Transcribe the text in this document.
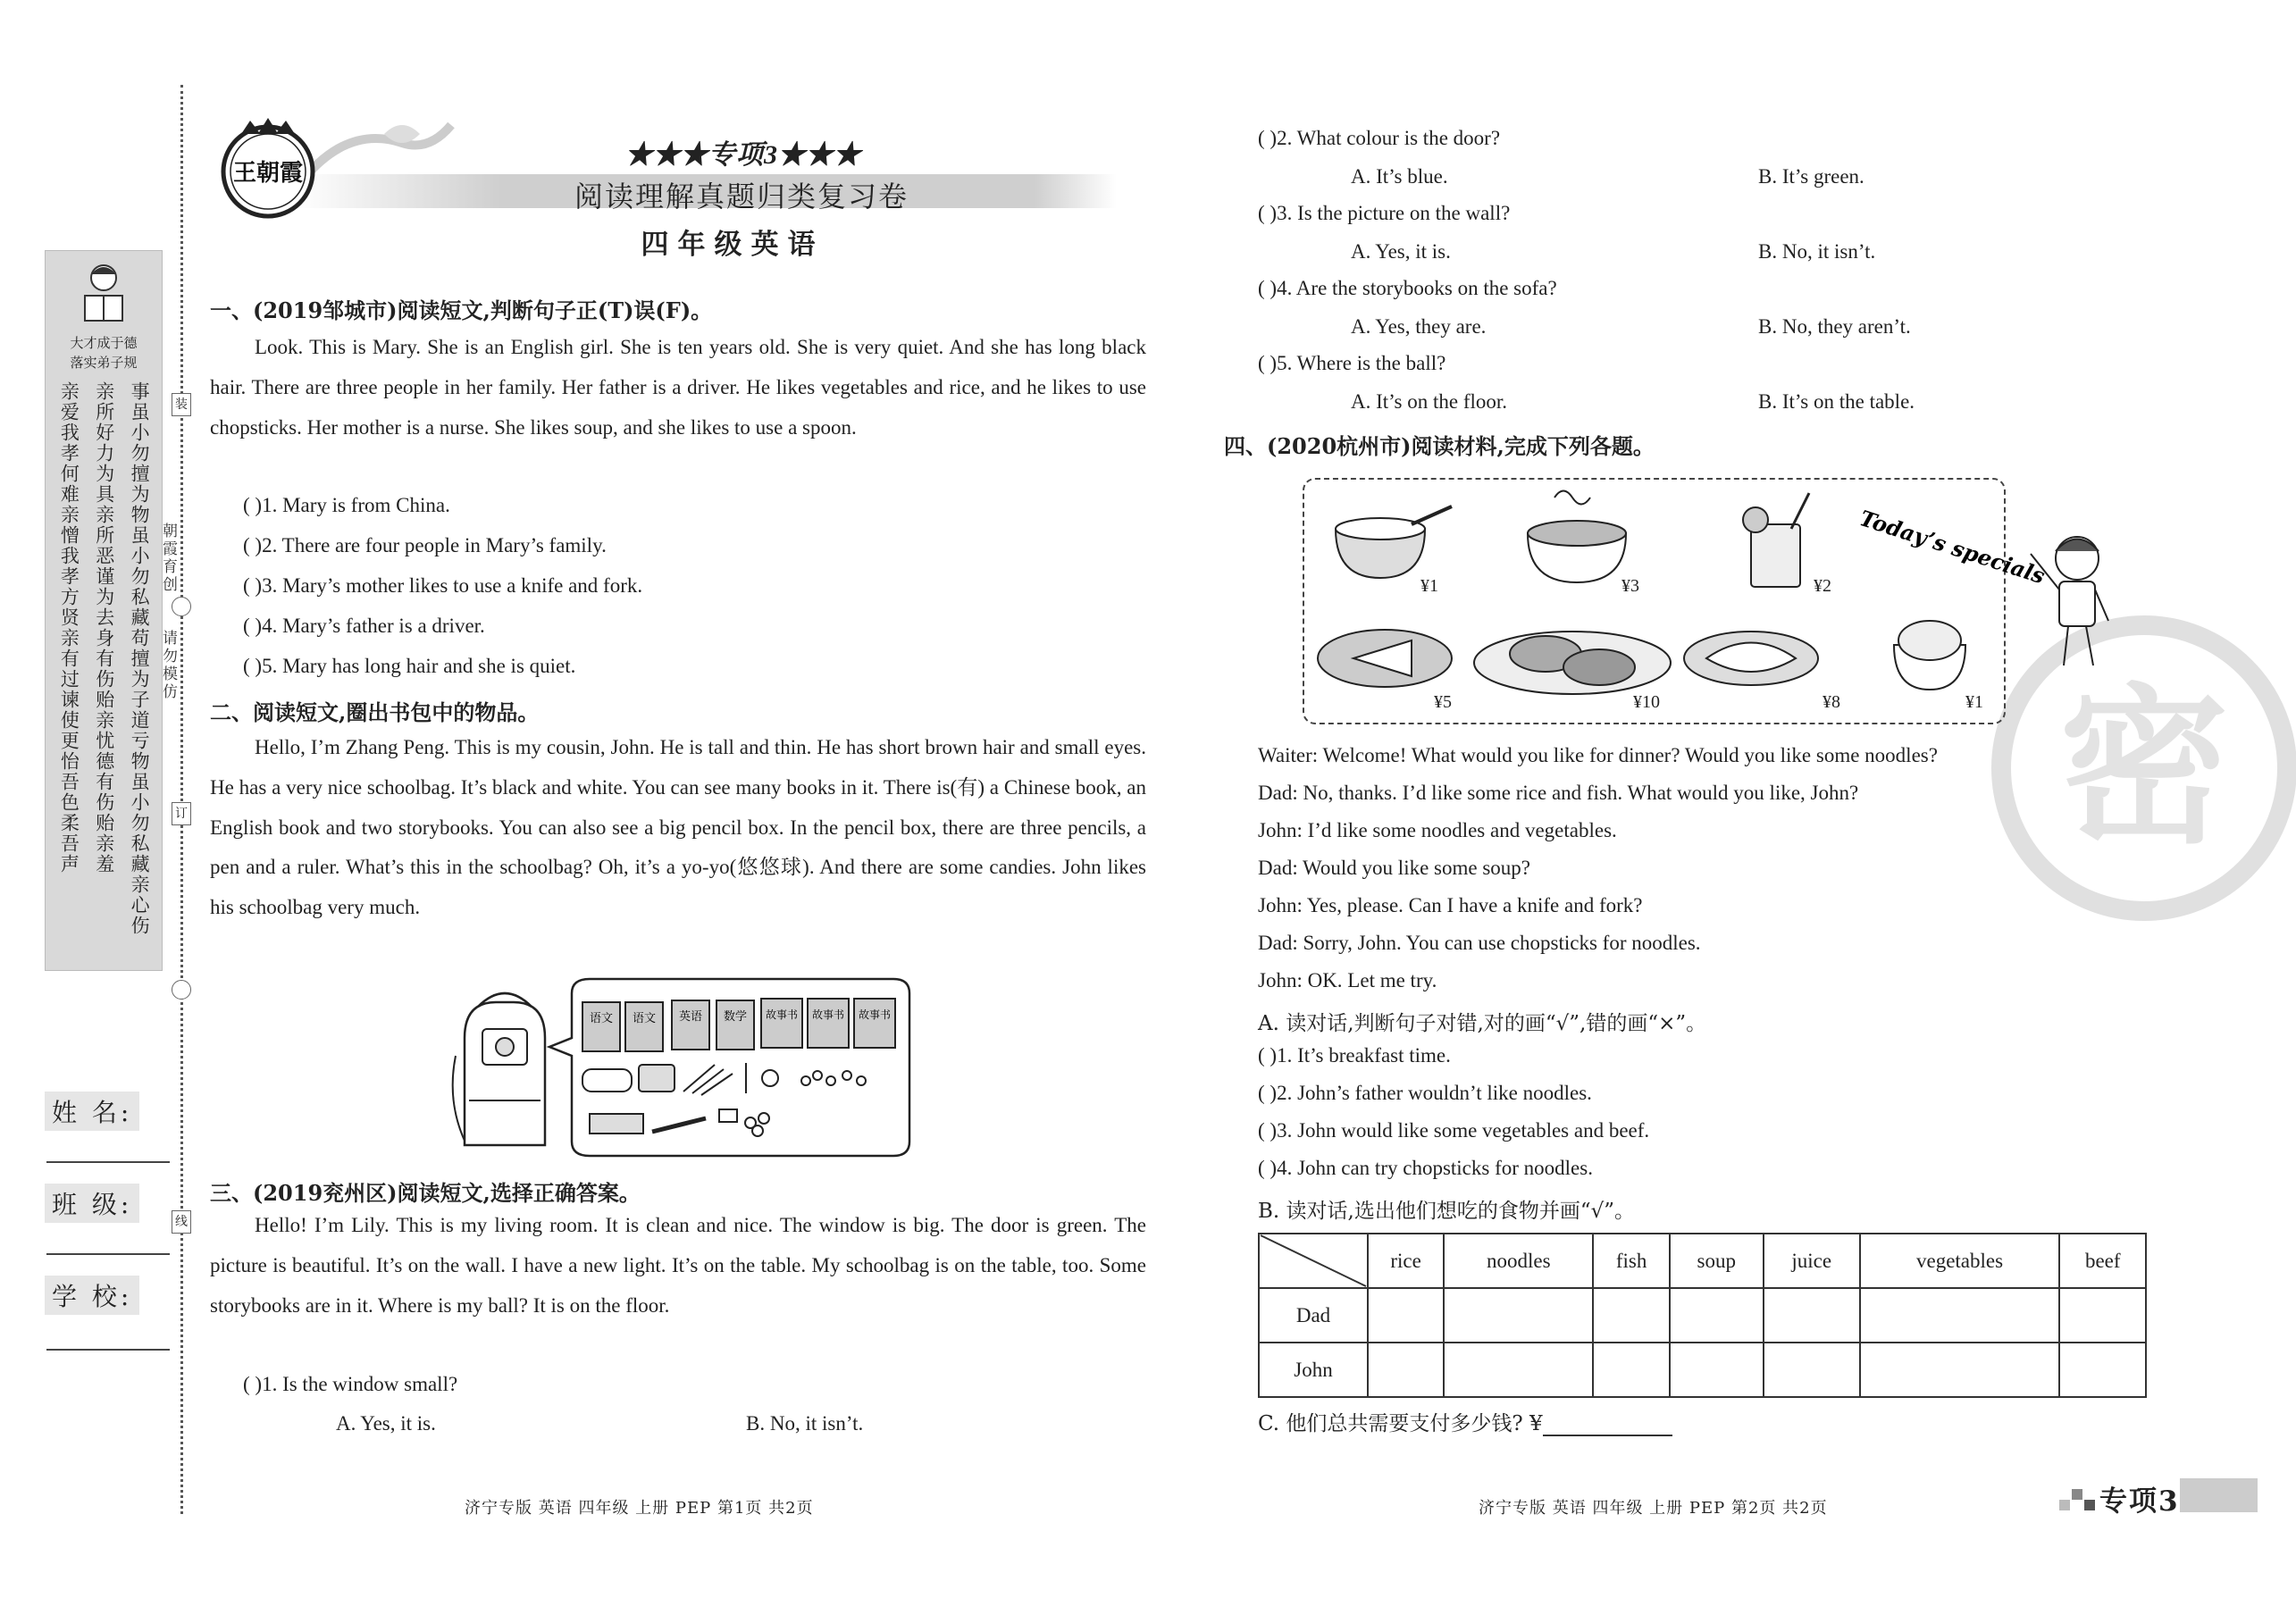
大才成于德
落实弟子规
亲爱我孝何难亲憎我孝方贤亲有过谏使更怡吾色柔吾声 亲所好力为具亲所恶谨为去身有伤贻亲忧德有伤贻亲羞 事虽小勿擅为物虽小勿私藏苟擅为子道亏物虽小勿私藏亲心伤 装
朝霞育创
请勿模仿
订
线
姓 名:
班 级:
学 校:
王朝霞
★★★专项3★★★
阅读理解真题归类复习卷
四年级英语
一、(2019邹城市)阅读短文,判断句子正(T)误(F)。
Look. This is Mary. She is an English girl. She is ten years old. She is very quiet. And she has long black hair. There are three people in her family. Her father is a driver. He likes vegetables and rice, and he likes to use chopsticks. Her mother is a nurse. She likes soup, and she likes to use a spoon.
( )1. Mary is from China.
( )2. There are four people in Mary’s family.
( )3. Mary’s mother likes to use a knife and fork.
( )4. Mary’s father is a driver.
( )5. Mary has long hair and she is quiet.
二、阅读短文,圈出书包中的物品。
Hello, I’m Zhang Peng. This is my cousin, John. He is tall and thin. He has short brown hair and small eyes. He has a very nice schoolbag. It’s black and white. You can see many books in it. There is(有) a Chinese book, an English book and two storybooks. You can also see a big pencil box. In the pencil box, there are three pencils, a pen and a ruler. What’s this in the schoolbag? Oh, it’s a yo-yo(悠悠球). And there are some candies. John likes his schoolbag very much.
语文 语文 英语 数学 故事书 故事书 故事书
三、(2019兖州区)阅读短文,选择正确答案。
Hello! I’m Lily. This is my living room. It is clean and nice. The window is big. The door is green. The picture is beautiful. It’s on the wall. I have a new light. It’s on the table. My schoolbag is on the table, too. Some storybooks are in it. Where is my ball? It is on the floor.
( )1. Is the window small?
A. Yes, it is.	B. No, it isn’t.
济宁专版 英语 四年级 上册 PEP 第1页 共2页
( )2. What colour is the door?
A. It’s blue.	B. It’s green.
( )3. Is the picture on the wall?
A. Yes, it is.	B. No, it isn’t.
( )4. Are the storybooks on the sofa?
A. Yes, they are.	B. No, they aren’t.
( )5. Where is the ball?
A. It’s on the floor.	B. It’s on the table.
四、(2020杭州市)阅读材料,完成下列各题。
密
Today’s specials
¥1	¥3	¥2
¥5	¥10	¥8	¥1
Waiter: Welcome! What would you like for dinner? Would you like some noodles?
Dad: No, thanks. I’d like some rice and fish. What would you like, John?
John: I’d like some noodles and vegetables.
Dad: Would you like some soup?
John: Yes, please. Can I have a knife and fork?
Dad: Sorry, John. You can use chopsticks for noodles.
John: OK. Let me try.
A. 读对话,判断句子对错,对的画“√”,错的画“×”。
( )1. It’s breakfast time.
( )2. John’s father wouldn’t like noodles.
( )3. John would like some vegetables and beef.
( )4. John can try chopsticks for noodles.
B. 读对话,选出他们想吃的食物并画“√”。
	rice	noodles	fish	soup	juice	vegetables	beef
Dad							
John							
C. 他们总共需要支付多少钱? ¥
济宁专版 英语 四年级 上册 PEP 第2页 共2页	专项3
